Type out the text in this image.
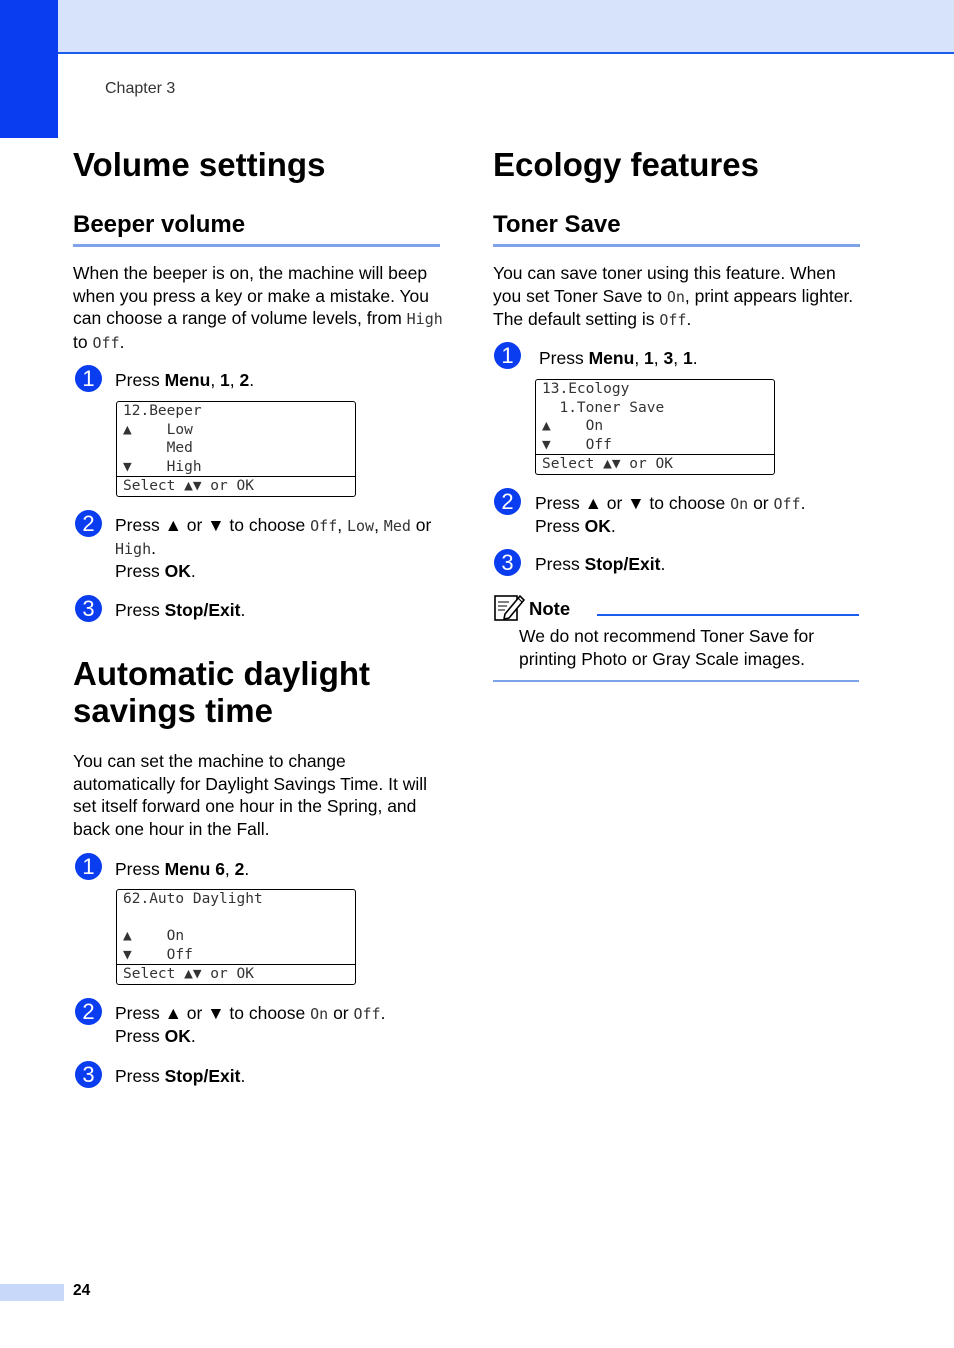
Chapter 3
Volume settings
Beeper volume

When the beeper is on, the machine will beep when you press a key or make a mistake. You can choose a range of volume levels, from High to Off.

1	Press Menu, 1, 2.
12.Beeper
▲    Low
Med
▼    High
Select ▲▼ or OK
2	Press ▲ or ▼ to choose Off, Low, Med or High.
Press OK.
3	Press Stop/Exit.
Automatic daylight
savings time

You can set the machine to change automatically for Daylight Savings Time. It will set itself forward one hour in the Spring, and back one hour in the Fall.

1	Press Menu 6, 2.
62.Auto Daylight

▲    On
▼    Off
Select ▲▼ or OK
2	Press ▲ or ▼ to choose On or Off.
Press OK.
3	Press Stop/Exit.
Ecology features
Toner Save

You can save toner using this feature. When you set Toner Save to On, print appears lighter. The default setting is Off.

1	Press Menu, 1, 3, 1.
13.Ecology
1.Toner Save
▲    On
▼    Off
Select ▲▼ or OK
2	Press ▲ or ▼ to choose On or Off.
Press OK.
3	Press Stop/Exit.
Note
We do not recommend Toner Save for printing Photo or Gray Scale images.
24
